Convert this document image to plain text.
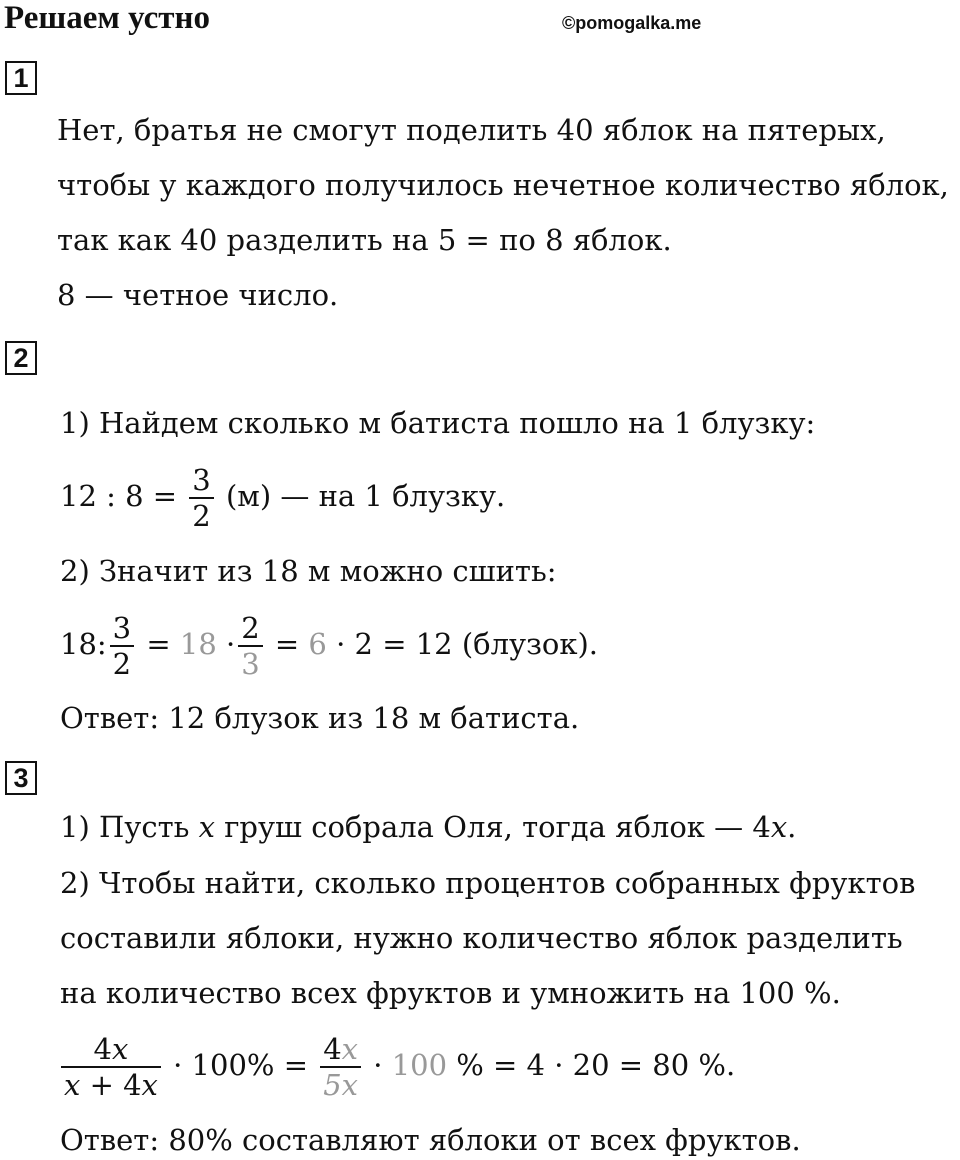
Решаем устно	©pomogalka.me
1
Нет, братья не смогут поделить 40 яблок на пятерых,
чтобы у каждого получилось нечетное количество яблок,
так как 40 разделить на 5 = по 8 яблок.
8 — четное число.
2
1) Найдем сколько м батиста пошло на 1 блузку:
12 : $8 = \frac{3}{2} (м)$ — на 1 блузку.
2) Значит из 18 м можно сшить:
18: $\frac{3}{2} = 18 \cdot \frac{2}{3} = 6 \cdot 2 = 12$ (блузок).
Ответ: 12 блузок из 18 м батиста.
3
1) Пусть x груш собрала Оля, тогда яблок — 4x.
2) Чтобы найти, сколько процентов собранных фруктов
составили яблоки, нужно количество яблок разделить
на количество всех фруктов и умножить на 100 %.
$\frac{4x}{x + 4x} \cdot 100\% = \frac{4x}{5x} \cdot 100$ % = 4 · 20 = 80 %.
Ответ: 80% составляют яблоки от всех фруктов.
